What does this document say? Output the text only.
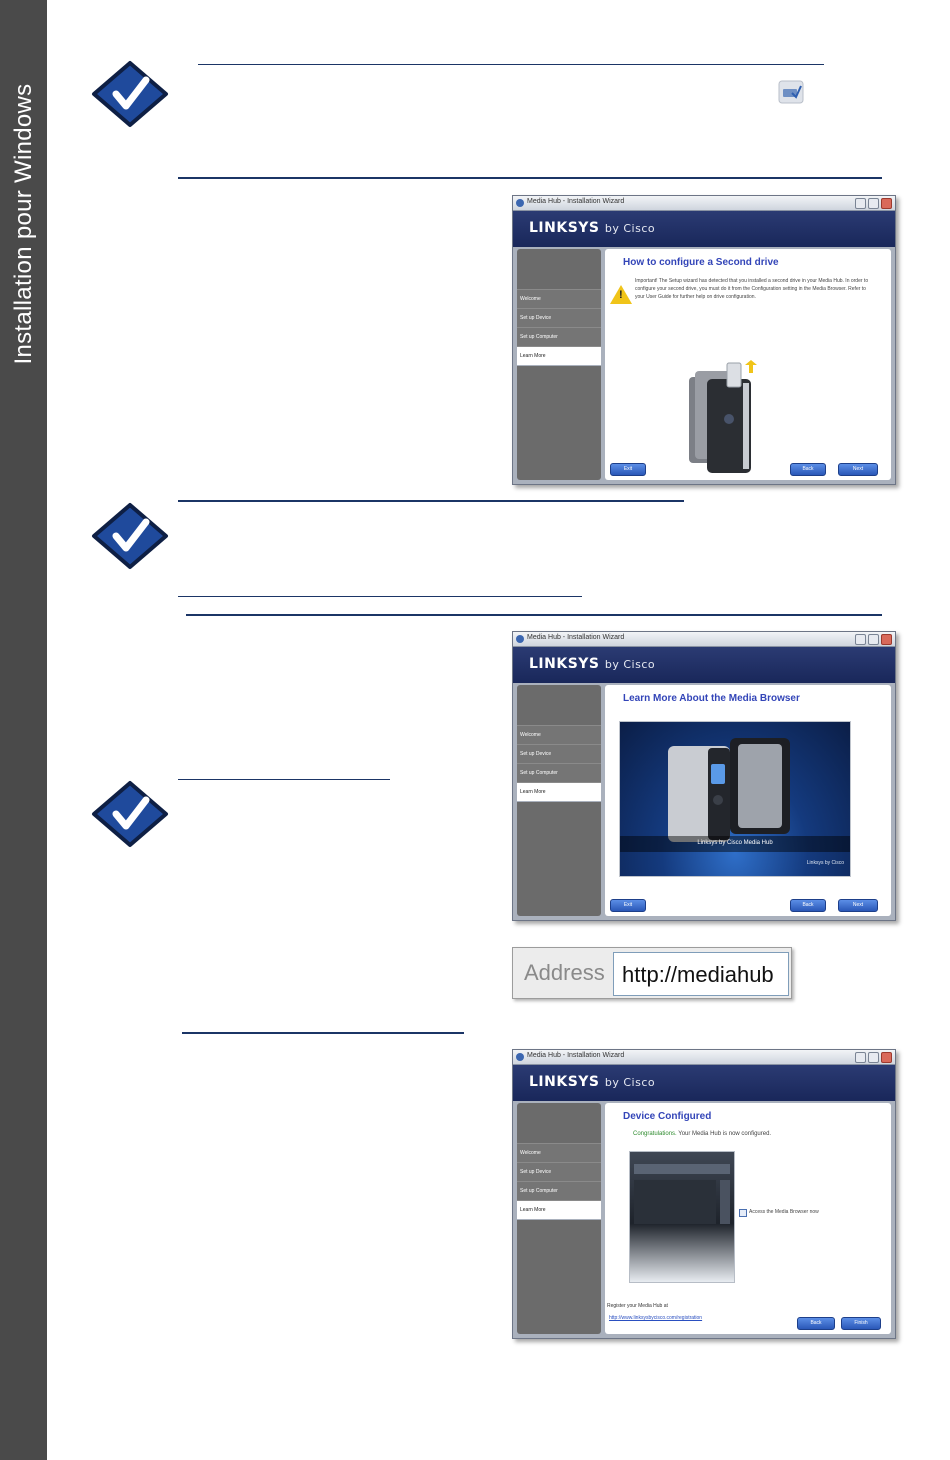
Installation pour Windows	Media Hub - Installation Wizard
LINKSYS by Cisco
Welcome
Set up Device
Set up Computer
Learn More
How to configure a Second drive
!
Important! The Setup wizard has detected that you installed a second drive in your Media Hub. In order to configure your second drive, you must do it from the Configuration setting in the Media Browser. Refer to your User Guide for further help on drive configuration.
Exit	Back	Next
Media Hub - Installation Wizard
LINKSYS by Cisco
Welcome
Set up Device
Set up Computer
Learn More
Learn More About the Media Browser
Linksys by Cisco Media Hub
Linksys by Cisco
Exit	Back	Next
Address http://mediahub
Media Hub - Installation Wizard
LINKSYS by Cisco
Welcome
Set up Device
Set up Computer
Learn More
Device Configured
Congratulations. Your Media Hub is now configured.
Access the Media Browser now
Register your Media Hub at
http://www.linksysbycisco.com/registration
Back	Finish
